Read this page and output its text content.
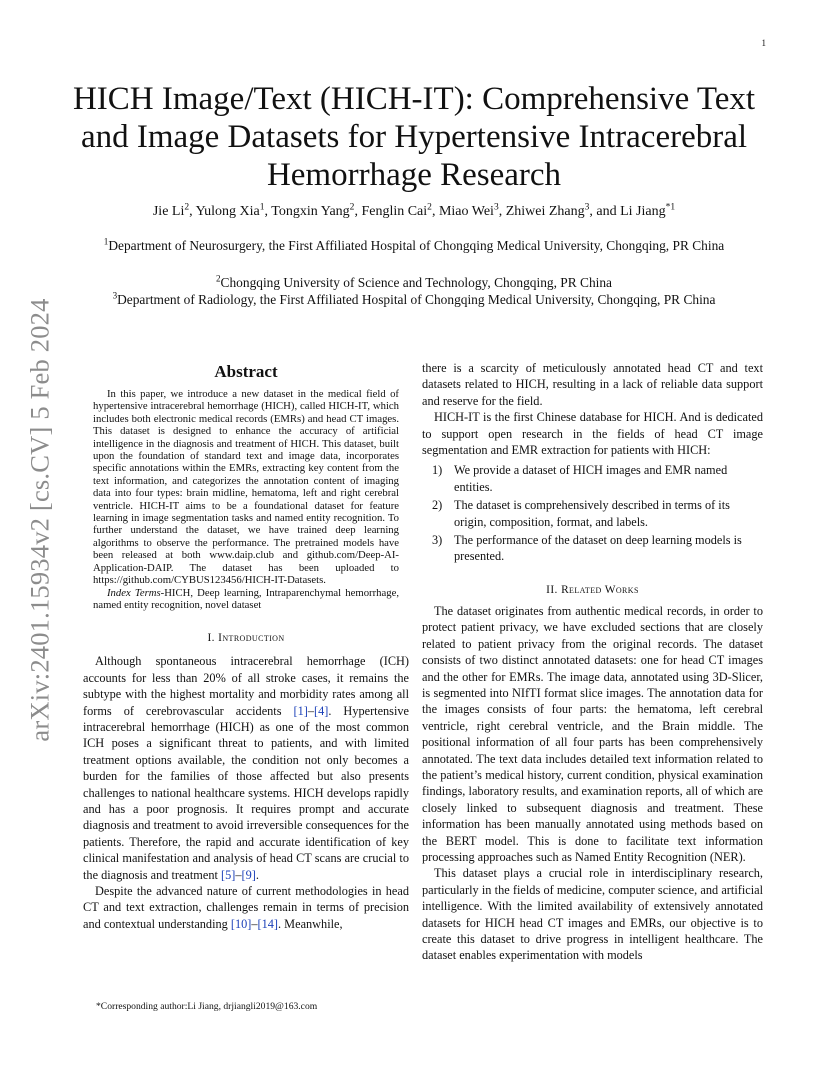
1
arXiv:2401.15934v2 [cs.CV] 5 Feb 2024
HICH Image/Text (HICH-IT): Comprehensive Text and Image Datasets for Hypertensive Intracerebral Hemorrhage Research
Jie Li$^2$, Yulong Xia$^1$, Tongxin Yang$^2$, Fenglin Cai$^2$, Miao Wei$^3$, Zhiwei Zhang$^3$, and Li Jiang$^{*1}$
$^1$Department of Neurosurgery, the First Affiliated Hospital of Chongqing Medical University, Chongqing, PR China
$^2$Chongqing University of Science and Technology, Chongqing, PR China
$^3$Department of Radiology, the First Affiliated Hospital of Chongqing Medical University, Chongqing, PR China
Abstract

In this paper, we introduce a new dataset in the medical field of hypertensive intracerebral hemorrhage (HICH), called HICH-IT, which includes both electronic medical records (EMRs) and head CT images. This dataset is designed to enhance the accuracy of artificial intelligence in the diagnosis and treatment of HICH. This dataset, built upon the foundation of standard text and image data, incorporates specific annotations within the EMRs, extracting key content from the text information, and categorizes the annotation content of imaging data into four types: brain midline, hematoma, left and right cerebral ventricle. HICH-IT aims to be a foundational dataset for feature learning in image segmentation tasks and named entity recognition. To further understand the dataset, we have trained deep learning algorithms to observe the performance. The pretrained models have been released at both www.daip.club and github.com/Deep-AI-Application-DAIP. The dataset has been uploaded to https://github.com/CYBUS123456/HICH-IT-Datasets.

Index Terms-HICH, Deep learning, Intraparenchymal hemorrhage, named entity recognition, novel dataset

I. Introduction

Although spontaneous intracerebral hemorrhage (ICH) accounts for less than 20% of all stroke cases, it remains the subtype with the highest mortality and morbidity rates among all forms of cerebrovascular accidents [1]–[4]. Hypertensive intracerebral hemorrhage (HICH) as one of the most common ICH poses a significant threat to patients, and with limited treatment options available, the condition not only becomes a burden for the families of those affected but also presents challenges to national healthcare systems. HICH develops rapidly and has a poor prognosis. It requires prompt and accurate diagnosis and treatment to avoid irreversible consequences for the patients. Therefore, the rapid and accurate identification of key clinical manifestation and analysis of head CT scans are crucial to the diagnosis and treatment [5]–[9].

Despite the advanced nature of current methodologies in head CT and text extraction, challenges remain in terms of precision and contextual understanding [10]–[14]. Meanwhile,

there is a scarcity of meticulously annotated head CT and text datasets related to HICH, resulting in a lack of reliable data support and reserve for the field.

HICH-IT is the first Chinese database for HICH. And is dedicated to support open research in the fields of head CT image segmentation and EMR extraction for patients with HICH:

1) We provide a dataset of HICH images and EMR named entities.
2) The dataset is comprehensively described in terms of its origin, composition, format, and labels.
3) The performance of the dataset on deep learning models is presented.
II. Related Works

The dataset originates from authentic medical records, in order to protect patient privacy, we have excluded sections that are closely related to patient privacy from the original records. The dataset consists of two distinct annotated datasets: one for head CT images and the other for EMRs. The image data, annotated using 3D-Slicer, is segmented into NIfTI format slice images. The annotation data for the images consists of four parts: the hematoma, left cerebral ventricle, right cerebral ventricle, and the Brain middle. The positional information of all four parts has been comprehensively annotated. The text data includes detailed text information related to the patient’s medical history, current condition, physical examination findings, laboratory results, and examination reports, all of which are closely linked to subsequent diagnosis and treatment. These information has been manually annotated using methods based on the BERT model. This is done to facilitate text information processing approaches such as Named Entity Recognition (NER).

This dataset plays a crucial role in interdisciplinary research, particularly in the fields of medicine, computer science, and artificial intelligence. With the limited availability of extensively annotated datasets for HICH head CT images and EMRs, our objective is to create this dataset to drive progress in intelligent healthcare. The dataset enables experimentation with models

*Corresponding author:Li Jiang, drjiangli2019@163.com
